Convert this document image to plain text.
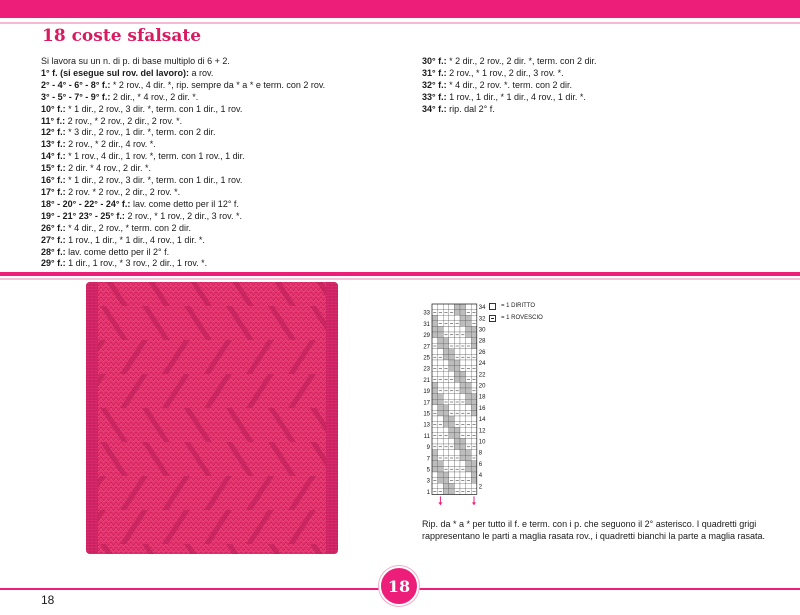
18 coste sfalsate
Si lavora su un n. di p. di base multiplo di 6 + 2.
1° f. (si esegue sul rov. del lavoro): a rov.
2° - 4° - 6° - 8° f.: * 2 rov., 4 dir. *, rip. sempre da * a * e term. con 2 rov.
3° - 5° - 7° - 9° f.: 2 dir., * 4 rov., 2 dir. *.
10° f.: * 1 dir., 2 rov., 3 dir. *, term. con 1 dir., 1 rov.
11° f.: 2 rov., * 2 rov., 2 dir., 2 rov. *.
12° f.: * 3 dir., 2 rov., 1 dir. *, term. con 2 dir.
13° f.: 2 rov., * 2 dir., 4 rov. *.
14° f.: * 1 rov., 4 dir., 1 rov. *, term. con 1 rov., 1 dir.
15° f.: 2 dir. * 4 rov., 2 dir. *.
16° f.: * 1 dir., 2 rov., 3 dir. *, term. con 1 dir., 1 rov.
17° f.: 2 rov. * 2 rov., 2 dir., 2 rov. *.
18° - 20° - 22° - 24° f.: lav. come detto per il 12° f.
19° - 21° 23° - 25° f.: 2 rov., * 1 rov., 2 dir., 3 rov. *.
26° f.: * 4 dir., 2 rov., * term. con 2 dir.
27° f.: 1 rov., 1 dir., * 1 dir., 4 rov., 1 dir. *.
28° f.: lav. come detto per il 2° f.
29° f.: 1 dir., 1 rov., * 3 rov., 2 dir., 1 rov. *.
30° f.: * 2 dir., 2 rov., 2 dir. *, term. con 2 dir.
31° f.: 2 rov., * 1 rov., 2 dir., 3 rov. *.
32° f.: * 4 dir., 2 rov. *. term. con 2 dir.
33° f.: 1 rov., 1 dir., * 1 dir., 4 rov., 1 dir. *.
34° f.: rip. dal 2° f.
33
31
29
27
25
23
21
19
17
15
13
11
9
7
5
3
1
34
32
30
28
26
24
22
20
18
16
14
12
10
8
6
4
2
= 1 DIRITTO
= 1 ROVESCIO

Rip. da * a * per tutto il f. e term. con i p. che seguono il 2° asterisco. I quadretti grigi rappresentano le parti a maglia rasata rov., i quadretti bianchi la parte a maglia rasata.

18
18	PassionForum.ru
